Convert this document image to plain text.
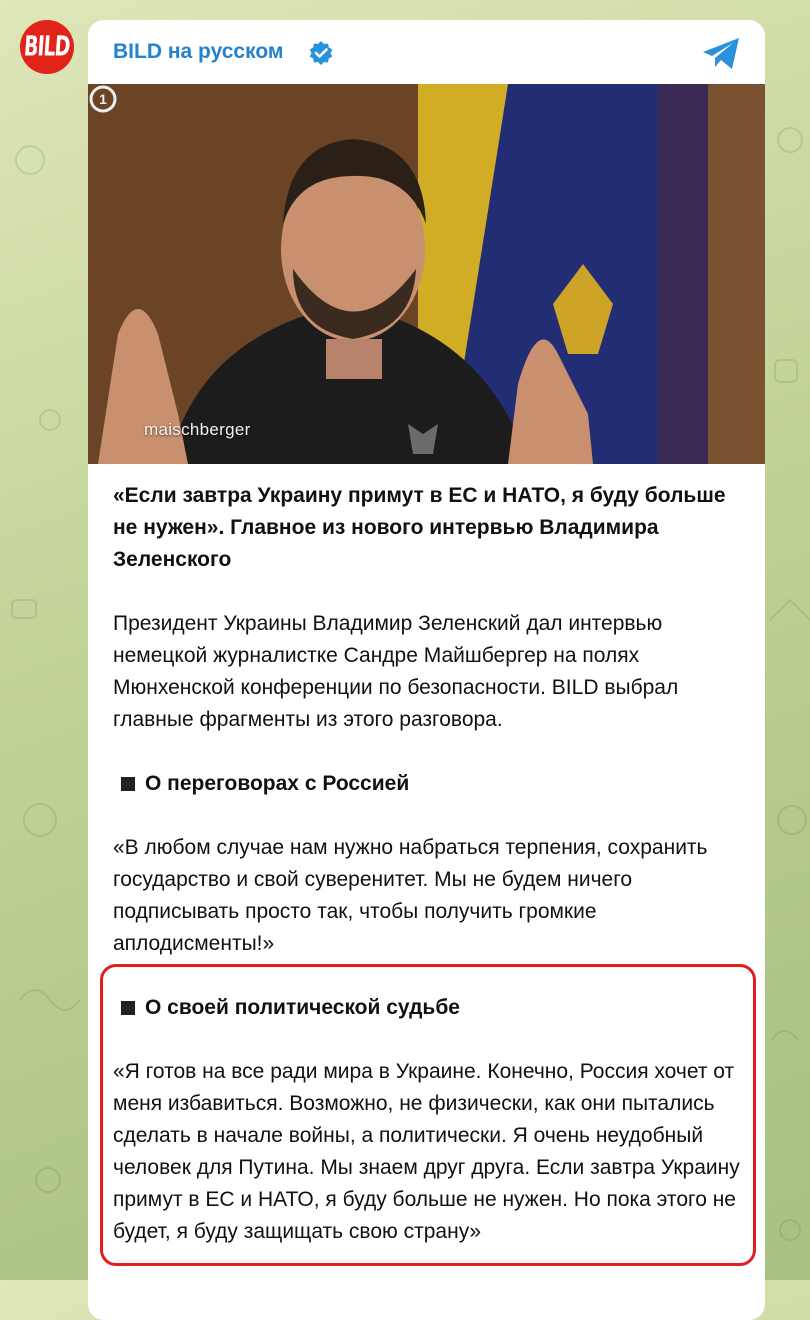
BILD BILD на русском
maischberger
1

«Если завтра Украину примут в ЕС и НАТО, я буду больше не нужен». Главное из нового интервью Владимира Зеленского

Президент Украины Владимир Зеленский дал интервью немецкой журналистке Сандре Майшбергер на полях Мюнхенской конференции по безопасности. BILD выбрал главные фрагменты из этого разговора.

О переговорах с Россией

«В любом случае нам нужно набраться терпения, сохранить государство и свой суверенитет. Мы не будем ничего подписывать просто так, чтобы получить громкие аплодисменты!»

О своей политической судьбе

«Я готов на все ради мира в Украине. Конечно, Россия хочет от меня избавиться. Возможно, не физически, как они пытались сделать в начале войны, а политически. Я очень неудобный человек для Путина. Мы знаем друг друга. Если завтра Украину примут в ЕС и НАТО, я буду больше не нужен. Но пока этого не будет, я буду защищать свою страну»
